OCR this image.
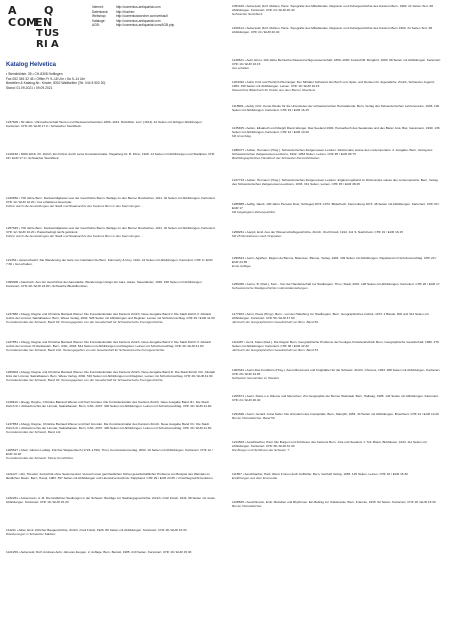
A Q
C O M
E N
T U S
R I A
Internet:	http://comenius-antiquariat.com
Datenbank:	http://buchen
Webshop:	http://comeniusbuecher.com/verkauf/
Kataloge:	http://comenius-antiquariat.com
AGB:	http://comenius-antiquariat.com/AGB.php
Katalog Helvetica
• Steinibühlstr. 35 • CH-8308 Hoflingen
Fax 052 345 32 45 • Offfen Fr 9–18 Uhr • Sa 9–14 Uhr
Bestellen & Katalog-Nr.: Kinder, 8302 Wallisellen (Tel. 044 8 900 30)
Stand: 01.09.2021 • 09.09.2021
1237600 • 50 Jahre. Uhrmacherschaft Tauren und Weissenschwanden 1863–1913. Rückblick. Lutz, [1913]. 44 Seiten mit farbigen Abbildungen. Kartoniert. CHF 28 / EUR 17.0 • Schwacher Stockfleck.
1219160 • 5000 2018. XII. Zürich. Ein Führer durch seine Kunstdenkmäler. Hagelberg Dr. B. Filzer, 1928. 14 Seiten mit Abbildungen und Stadtplan. CHF 29 / EUR 17.0 • Schwacher Stockfleck.
1246650 • 700 Jahre Bern. Denkwürdigkeiten aus der Geschichte Berns. Beilage zu den Berner Rundschau, 1911. 32 Seiten mit Abbildungen. Kartoniert. CHF 12 / EUR 10.20 • Gut erhaltenes Exemplar.
Führer durch die Ausstellungen der Stadt und Staatsarchiv des Kantons Bern in den Sammlungen ...
1257645 • 700 Jahre Bern. Denkwürdigkeiten aus der Geschichte Berns. Beilage zu den Berner Rundschau, 1911. 32 Seiten mit Abbildungen. Kartoniert. CHF 12 / EUR 10.20 • Papierbedingt leicht gebräunt.
Führer durch die Ausstellungen der Stadt und Staatsarchiv des Kantons Bern in den Sammlungen ...
121452 • Aarenschacht. Die Wanderung der Aare von Interlaken bis Bern. Kümmerly & Frey, 1912. 24 Seiten mit Abbildungen. Kartoniert. CHF 9 / EUR 7.60 • Gut erhalten.
1099008 • Aarebuch. Aus der Geschichte der Aarestädte. Wanderungen längs der Aare. Aarau, Sauerländer, 1936. 158 Seiten mit Abbildungen. Kartoniert. CHF 28 / EUR 23.80 • Schwache Bleistiftnotizen.
1247866 • Abegg, Regine und Christine Barraud Wiener. Die Kunstdenkmäler des Kantons Zürich. Neue Ausgabe Band V. Die Stadt Zürich V. Altstadt rechts der Limmat, Sakralbauten. Bern, Wiese Verlag, 2002. 528 Seiten mit Abbildungen und Register. Leinen mit Schutzumschlag. CHF 49 / EUR 41.60
Kunstdenkmäler der Schweiz, Band 99. Herausgegeben von der Gesellschaft für Schweizerische Kunstgeschichte.
1247851 • Abegg, Regine und Christine Barraud Wiener. Die Kunstdenkmäler des Kantons Zürich. Neue Ausgabe Band V. Die Stadt Zürich V. Altstadt rechts der Limmat, Profanbauten. Bern, GSK, 2003. 544 Seiten mit Abbildungen und Register. Leinen mit Schutzumschlag. CHF 49 / EUR 41.60
Kunstdenkmäler der Schweiz, Band 102. Herausgegeben von der Gesellschaft für Schweizerische Kunstgeschichte.
1256003 • Abegg, Regine und Christine Barraud Wiener. Die Kunstdenkmäler des Kantons Zürich. Neue Ausgabe Band III. Die Stadt Zürich III.II. Altstadt links der Limmat, Sakralbauten. Bern, Wiese Verlag, 2002. 516 Seiten mit Abbildungen und Register. Leinen mit Schutzumschlag. CHF 49 / EUR 41.60
Kunstdenkmäler der Schweiz, Band 99. Herausgegeben von der Gesellschaft für Schweizerische Kunstgeschichte.
1139910 • Abegg, Regine, Christine Barraud Wiener und Karl Grunder. Die Kunstdenkmäler des Kantons Zürich. Neue Ausgabe Band III.I. Die Stadt Zürich III.I. Altstadt rechts der Limmat, Sakralbauten. Bern, GSK, 2007. 400 Seiten mit Abbildungen. Leinen mit Schutzumschlag. CHF 49 / EUR 41.60
1247853 • Abegg, Regine, Christine Barraud Wiener und Karl Grunder. Die Kunstdenkmäler des Kantons Zürich. Neue Ausgabe Band III.I. Die Stadt Zürich III.I. Altstadt rechts der Limmat, Sakralbauten. Bern, GSK, 2007. 400 Seiten mit Abbildungen. Leinen mit Schutzumschlag. CHF 49 / EUR 41.60
Kunstdenkmäler der Schweiz, Band 111.
1205627 • Abeli, Johann Ludwig. Zürcher Wappenbuch (1723–1796). Thun, Kommissionsverlag, 2002. 16 Seiten mit Abbildungen. Kartoniert. CHF 12 / EUR 10.20
Kunstdenkmäler der Schweiz. Kleine Kunstführer.
1121127 • Abt, Theodor. Fortschritt ohne Seelenverlust. Versuch einer ganzheitlichen Schau gesellschaftlicher Probleme am Beispiel des Wandels im ländlichen Raum. Bern, Haupt, 1983. 357 Seiten mit Abbildungen und Literaturverzeichnis. Pappband. CHF 29 / EUR 24.65 • Umschlag leicht berieben.
1232261 • Ackermann, A. M. Die ländlichen Siedlungen in der Schweiz. Beiträge zur Siedlungsgeschichte. Zürich, Orell Füssli, 1944. 98 Seiten mit vielen Abbildungen. Kartoniert. CHF 18 / EUR 15.30
114211 • Adler, Emil. Züricher Baugeschichte. Zürich, Orell Füssli, 1926. 80 Seiten mit Abbildungen. Kartoniert. CHF 18 / EUR 15.30
Wanderungen in Schweizer Städten.
1121259 • Aebersold, Rolf. Andreas Aebi. Jehovas Zeugen. 2. Auflage. Bern, Benteli, 1985. 219 Seiten. Kartoniert. CHF 18 / EUR 15.30
1051160 • Aebersold, Rolf. Muhlen, Hans. Topografie des Mittellandes. Regional- und Kulturgeschichte des Kantons Bern. 1960. 21 Seiten Text. 68 Abbildungen. Kartoniert. CHF 24 / EUR 20.40
Schwacher Stockfleck.
1169314 • Aebersold, Rolf. Muhlen, Hans. Topografie des Mittellandes. Regional- und Kulturgeschichte des Kantons Bern 1960. 21 Seiten Text. 68 Abbildungen. CHF 24 / EUR 20.40
1139521 • Aebi, Ernst. 100 Jahre Bernische Rassenzuchtgenossenschaft. 1890–1990. Festschrift. Burgdorf, 1990. 98 Seiten mit Abbildungen. Kartoniert. CHF 19 / EUR 16.15
Gut erhalten.
1203492 • Aebli, Fritz und Heinrich Pfenninger. Der Sihltaler Schwand. Ein Buch vom Spiel- und Denken für Jugendliche. Zürich, Schweizer Jugend, 1954. 150 Seiten mit Abbildungen. Leinen. CHF 19 / EUR 16.15
Klassisches Bilderbuch für Kinder aus dem Berner Oberland.
1115581 • Aebly, Fritz. Kunst-Werke für die Unterstufen der schweizerischen Heimatkunde. Bern, Verlag des Schweizerischen Lehrervereins, 1936. 100 Seiten mit Abbildungen. Kartoniert. CHF 19 / EUR 16.15
1135465 • Aellen, Elisabeth und Margrit Rieck-Wenger. Das Seeland 1900. Heimatbuch des Seelandes und des Bieler Jura. Biel, Gassmann, 1990. 136 Seiten mit Abbildungen. Kartoniert. CHF 12 / EUR 10.20
Mit Umschlag.
1288477 • Aellen, Hermann (Hrsg.). Schweizerisches Zeitgenossen-Lexikon. Dictionnaire suisse des contemporains. 2. Ausgabe. Bern, Verlag des Schweizerischen Zeitgenossen-Lexikons, 1932. 1063 Seiten. Leinen. CHF 95 / EUR 80.75
Biobibliographisches Handbuch der Schweizer Persönlichkeiten.
1247733 • Aellen, Hermann (Hrsg.). Schweizerisches Zeitgenossen-Lexikon. Ergänzungsband zu Dictionnaire suisse des contemporains. Bern, Verlag des Schweizerischen Zeitgenossen-Lexikons, 1936. 341 Seiten. Leinen. CHF 45 / EUR 38.25
1285885 • Aeffig, Jakob. 100 Jahre Pension Rust, Schlegelj 1873–1973. Bilderbuch. Kiemenberg 1973. 48 Seiten mit Abbildungen. Kartoniert. CHF 20 / EUR 17
Mit beigelegtem Zeitungsartikel.
1268261 • Aeppli, Emil. Aus der Wissenschaftsgeschichte. Zürich, Orell Füssli, 1912. 111 S. Nachdruck. CHF 19 / EUR 16.15
Mit 25 Illustrationen nach Originalen.
1296543 • Aerni, Agathon. Région de Bienne, Bielersee. Bienne, Verlag, 1994. 109 Seiten mit Abbildungen. Pappband mit Schutzumschlag. CHF 29 / EUR 24.65
Erste Auflage.
1256450 • Aerne, B. (Red.). Kern - Von der Handelsschaft zur Stadtregion. Thun, Stadt, 2001. 128 Seiten mit Abbildungen. Kartoniert. CHF 20 / EUR 17
Schweizerische Stadtgeschichte in Einzeldarstellungen.
1177903 • Aerni, Klaus (Hrsg.). Bern - von der Habsburg zur Stadtregion. Bern, Geographisches Institut, 1973. 2 Bände. 606 und 314 Seiten mit Abbildungen. Kartoniert. CHF 56 / EUR 47.60
Jahrbuch der Geographischen Gesellschaft von Bern. Band 50.
1111087 • Aerni, Klaus (Red.). Die Region Bern. Geographische Probleme der heutigen Kulturlandschaft. Bern, Geographische Gesellschaft, 1980. 276 Seiten mit Abbildungen. Kartoniert. CHF 38 / EUR 32.30
Jahrbuch der Geographischen Gesellschaft von Bern. Band 53.
1063344 • Aerni-Das Fundbüro (Hrsg.). Aerni-Monument und Flugblätter für die Schweiz. Zürich, Chronos, 1993. 288 Seiten mit Abbildungen. Kartoniert. CHF 29 / EUR 24.65
Schweizer Gemeinden im Wandel.
1205671 • Aerni, Klaus u.a. Räume und Menschen. Zur Geographie der Berner Weltstadt. Bern, Hallwag, 1985. 144 Seiten mit Abbildungen. Kartoniert. CHF 24 / EUR 20.40
1291690 • Aerni, Gerard. Anna Seiler. Die Gründerin des Inselspitals. Bern, Stämpfli, 1954. 40 Seiten mit Abbildungen. Broschiert. CHF 12 / EUR 10.20
Berner Heimatbücher, Band 59.
1213563 • Aeschbacher, Paul. Die Burgen und Schlösser des Kantons Bern. Jura und Seeland. 1. Teil. Basel, Birkhäuser, 1934. 111 Seiten mit Abbildungen. Kartoniert. CHF 38 / EUR 32.30
Die Burgen und Schlösser der Schweiz, 7.
111557 • Aeschbacher, Paul. Wenn Fronen doch Aufblühe. Bern, Gotthelf Verlag, 1955. 125 Seiten. Leinen. CHF 18 / EUR 15.30
Erzählungen aus dem Emmental.
1108505 • Aeschlimann, Emil. Melodien und Rhythmen. Ein Beitrag zur Volkskunde. Bern, Francke, 1935. 92 Seiten. Kartoniert. CHF 18 / EUR 15.30
Berner Heimatbücher.
